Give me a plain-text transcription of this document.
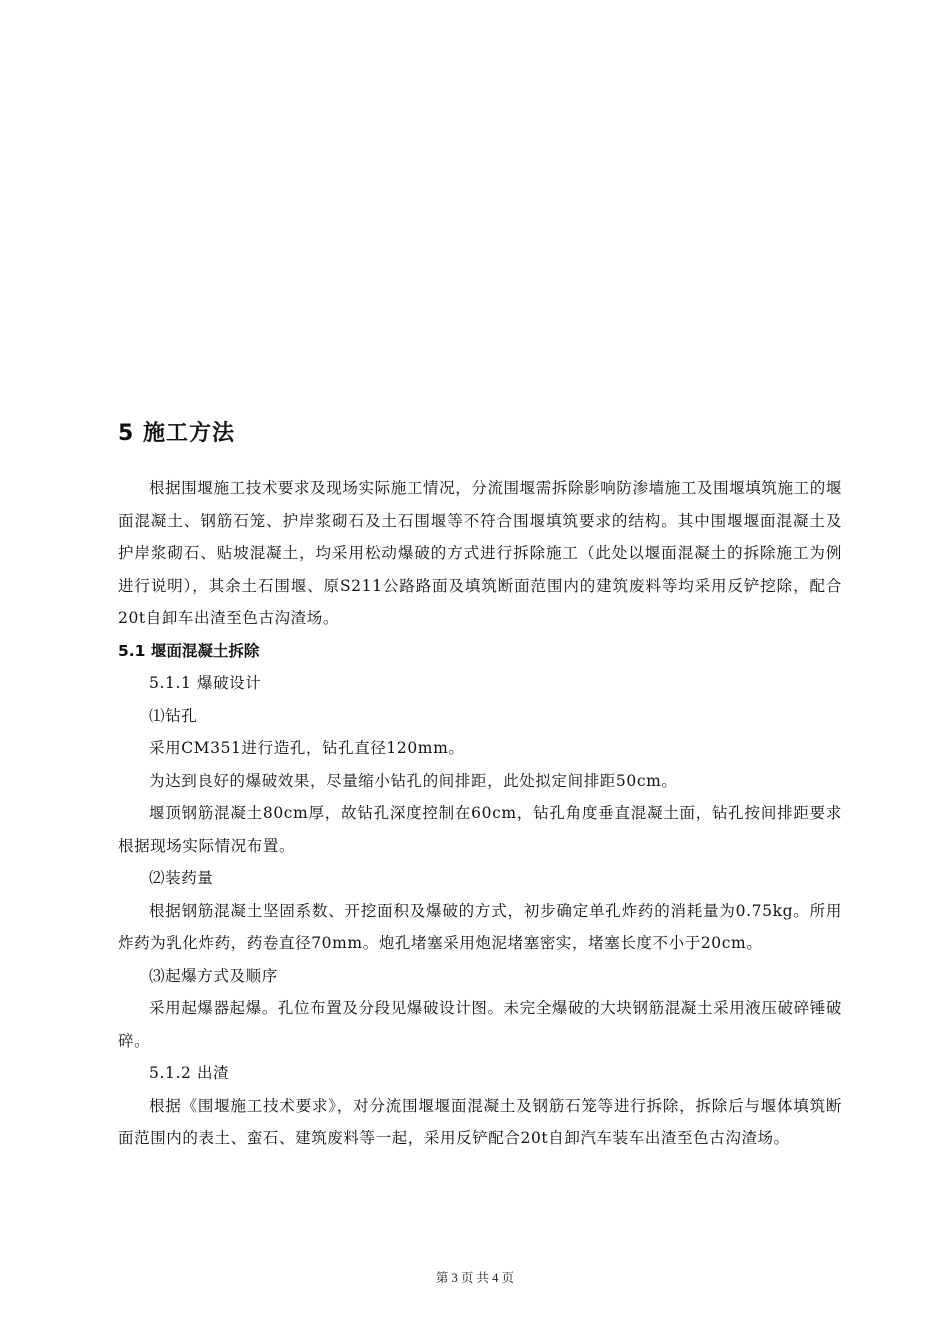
5 施工方法

根据围堰施工技术要求及现场实际施工情况，分流围堰需拆除影响防渗墙施工及围堰填筑施工的堰面混凝土、钢筋石笼、护岸浆砌石及土石围堰等不符合围堰填筑要求的结构。其中围堰堰面混凝土及护岸浆砌石、贴坡混凝土，均采用松动爆破的方式进行拆除施工（此处以堰面混凝土的拆除施工为例进行说明），其余土石围堰、原S211公路路面及填筑断面范围内的建筑废料等均采用反铲挖除，配合20t自卸车出渣至色古沟渣场。

5.1 堰面混凝土拆除

5.1.1 爆破设计

⑴钻孔

采用CM351进行造孔，钻孔直径120mm。

为达到良好的爆破效果，尽量缩小钻孔的间排距，此处拟定间排距50cm。

堰顶钢筋混凝土80cm厚，故钻孔深度控制在60cm，钻孔角度垂直混凝土面，钻孔按间排距要求根据现场实际情况布置。

⑵装药量

根据钢筋混凝土坚固系数、开挖面积及爆破的方式，初步确定单孔炸药的消耗量为0.75kg。所用炸药为乳化炸药，药卷直径70mm。炮孔堵塞采用炮泥堵塞密实，堵塞长度不小于20cm。

⑶起爆方式及顺序

采用起爆器起爆。孔位布置及分段见爆破设计图。未完全爆破的大块钢筋混凝土采用液压破碎锤破碎。

5.1.2 出渣

根据《围堰施工技术要求》，对分流围堰堰面混凝土及钢筋石笼等进行拆除，拆除后与堰体填筑断面范围内的表土、蛮石、建筑废料等一起，采用反铲配合20t自卸汽车装车出渣至色古沟渣场。

第 3 页 共 4 页
